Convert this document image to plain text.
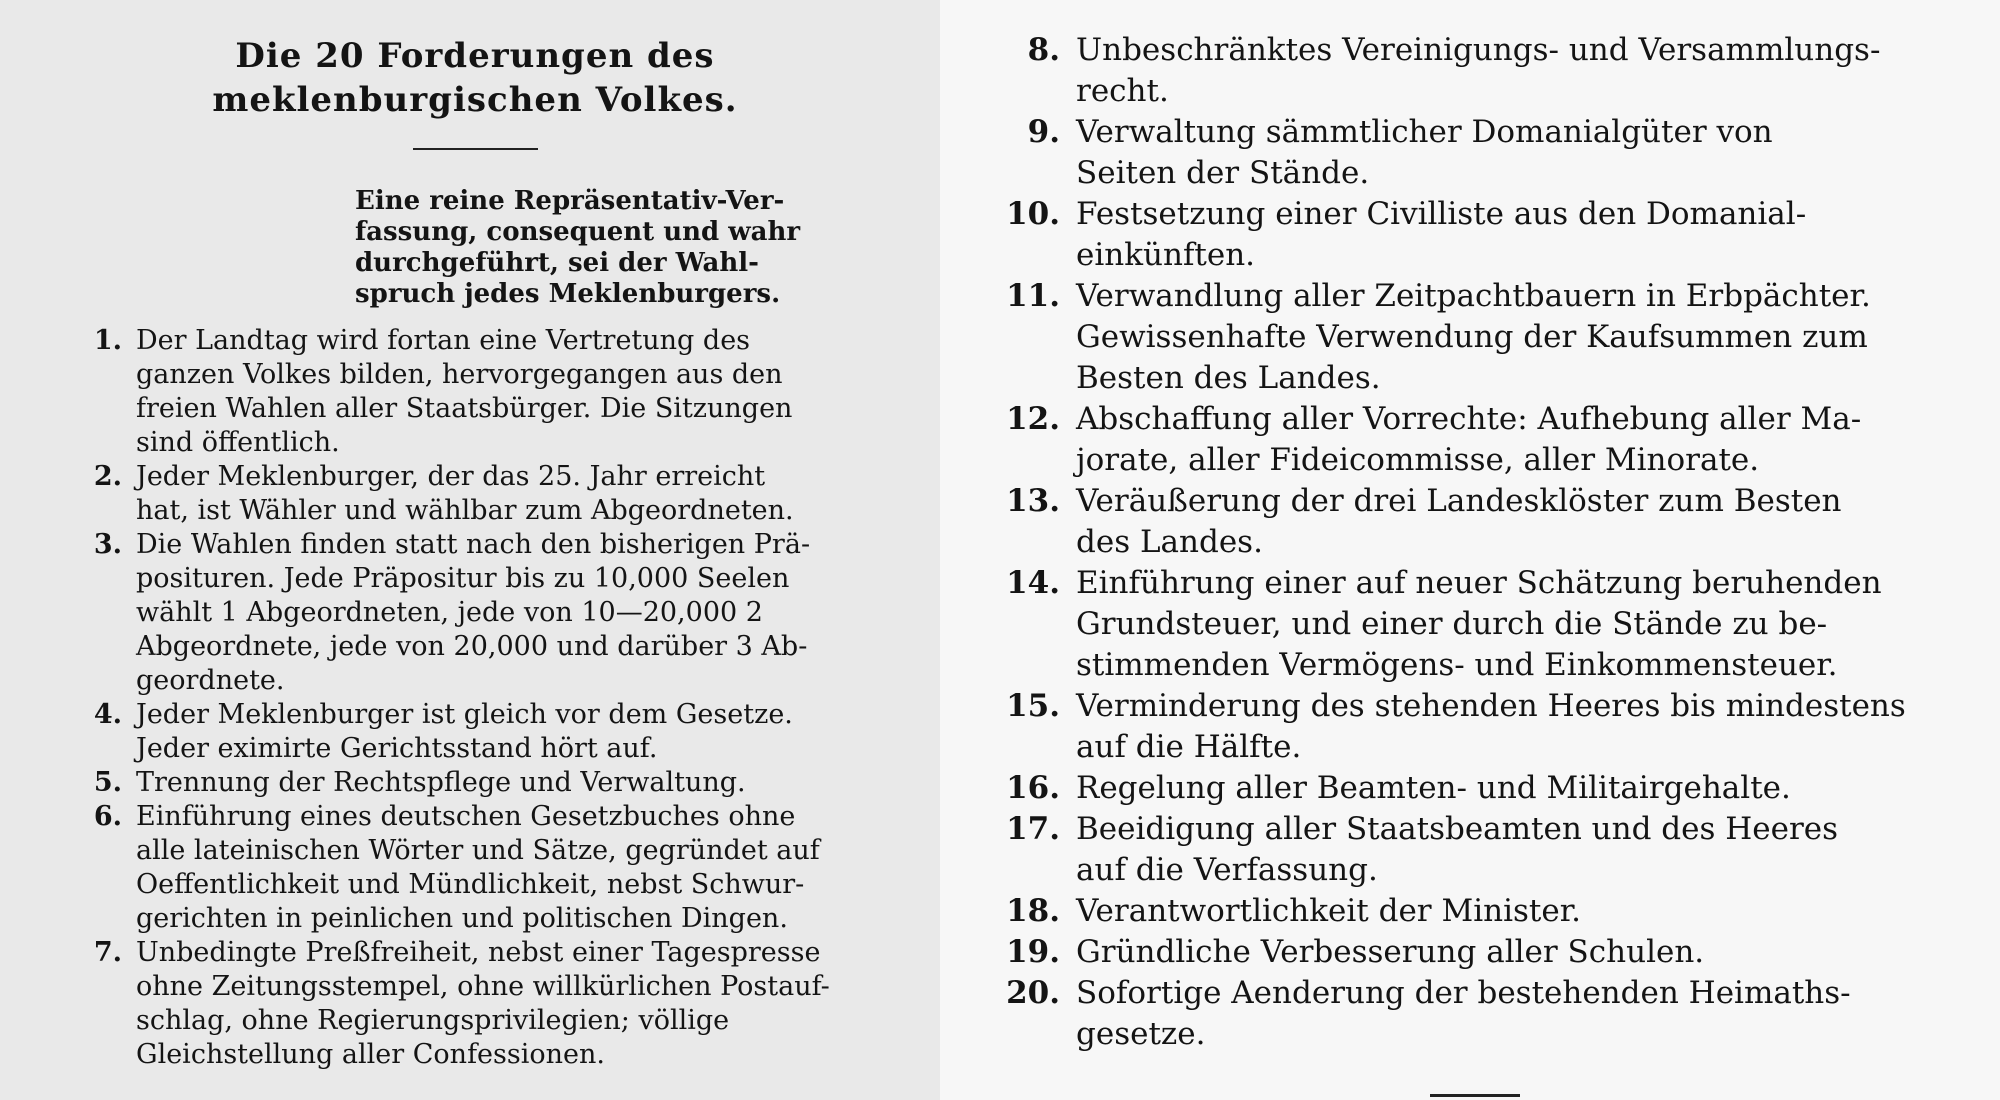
Die 20 Forderungen des meklenburgischen Volkes.
Eine reine Repräsentativ-Ver-
fassung, consequent und wahr
durchgeführt, sei der Wahl-
spruch jedes Meklenburgers.
1. Der Landtag wird fortan eine Vertretung des
ganzen Volkes bilden, hervorgegangen aus den
freien Wahlen aller Staatsbürger. Die Sitzungen
sind öffentlich.
2. Jeder Meklenburger, der das 25. Jahr erreicht
hat, ist Wähler und wählbar zum Abgeordneten.
3. Die Wahlen finden statt nach den bisherigen Prä-
posituren. Jede Präpositur bis zu 10,000 Seelen
wählt 1 Abgeordneten, jede von 10—20,000 2
Abgeordnete, jede von 20,000 und darüber 3 Ab-
geordnete.
4. Jeder Meklenburger ist gleich vor dem Gesetze.
Jeder eximirte Gerichtsstand hört auf.
5. Trennung der Rechtspflege und Verwaltung.
6. Einführung eines deutschen Gesetzbuches ohne
alle lateinischen Wörter und Sätze, gegründet auf
Oeffentlichkeit und Mündlichkeit, nebst Schwur-
gerichten in peinlichen und politischen Dingen.
7. Unbedingte Preßfreiheit, nebst einer Tagespresse
ohne Zeitungsstempel, ohne willkürlichen Postauf-
schlag, ohne Regierungsprivilegien; völlige
Gleichstellung aller Confessionen.
8. Unbeschränktes Vereinigungs- und Versammlungs-
recht.
9. Verwaltung sämmtlicher Domanialgüter von
Seiten der Stände.
10. Festsetzung einer Civilliste aus den Domanial-
einkünften.
11. Verwandlung aller Zeitpachtbauern in Erbpächter.
Gewissenhafte Verwendung der Kaufsummen zum
Besten des Landes.
12. Abschaffung aller Vorrechte: Aufhebung aller Ma-
jorate, aller Fideicommisse, aller Minorate.
13. Veräußerung der drei Landesklöster zum Besten
des Landes.
14. Einführung einer auf neuer Schätzung beruhenden
Grundsteuer, und einer durch die Stände zu be-
stimmenden Vermögens- und Einkommensteuer.
15. Verminderung des stehenden Heeres bis mindestens
auf die Hälfte.
16. Regelung aller Beamten- und Militairgehalte.
17. Beeidigung aller Staatsbeamten und des Heeres
auf die Verfassung.
18. Verantwortlichkeit der Minister.
19. Gründliche Verbesserung aller Schulen.
20. Sofortige Aenderung der bestehenden Heimaths-
gesetze.
